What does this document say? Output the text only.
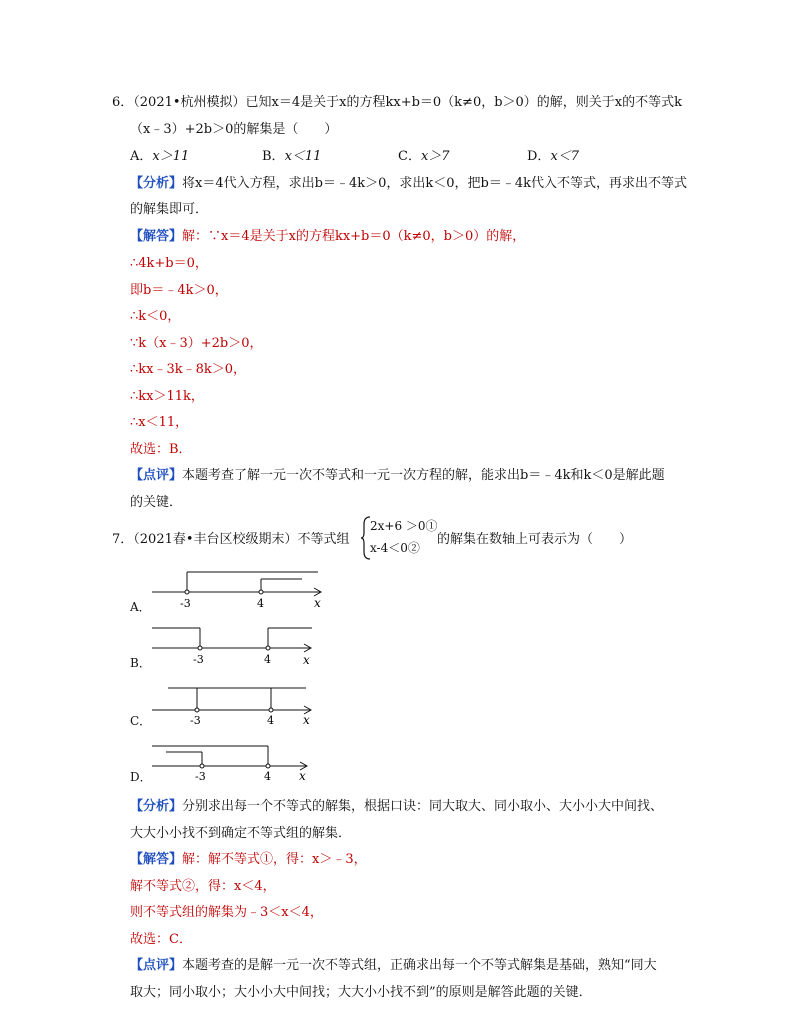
6．（2021•杭州模拟）已知x＝4是关于x的方程kx+b＝0（k≠0，b＞0）的解，则关于x的不等式k
（x﹣3）+2b＞0的解集是（　　）
A．x＞11	B．x＜11	C．x＞7	D．x＜7
【分析】将x＝4代入方程，求出b＝﹣4k＞0，求出k＜0，把b＝﹣4k代入不等式，再求出不等式
的解集即可．
【解答】解：∵x＝4是关于x的方程kx+b＝0（k≠0，b＞0）的解，
∴4k+b＝0，
即b＝﹣4k＞0，
∴k＜0，
∵k（x﹣3）+2b＞0，
∴kx﹣3k﹣8k＞0，
∴kx＞11k，
∴x＜11，
故选：B．
【点评】本题考查了解一元一次不等式和一元一次方程的解，能求出b＝﹣4k和k＜0是解此题
的关键．
7．（2021春•丰台区校级期末）不等式组
2x+6 ＞0①
x-4＜0②
的解集在数轴上可表示为（　　）
A．	-3	4	x
B．	-3	4	x
C．	-3	4 x
D．	-3	4 x
【分析】分别求出每一个不等式的解集，根据口诀：同大取大、同小取小、大小小大中间找、
大大小小找不到确定不等式组的解集．
【解答】解：解不等式①，得：x＞﹣3，
解不等式②，得：x＜4，
则不等式组的解集为﹣3＜x＜4，
故选：C．
【点评】本题考查的是解一元一次不等式组，正确求出每一个不等式解集是基础，熟知“同大
取大；同小取小；大小小大中间找；大大小小找不到”的原则是解答此题的关键．
